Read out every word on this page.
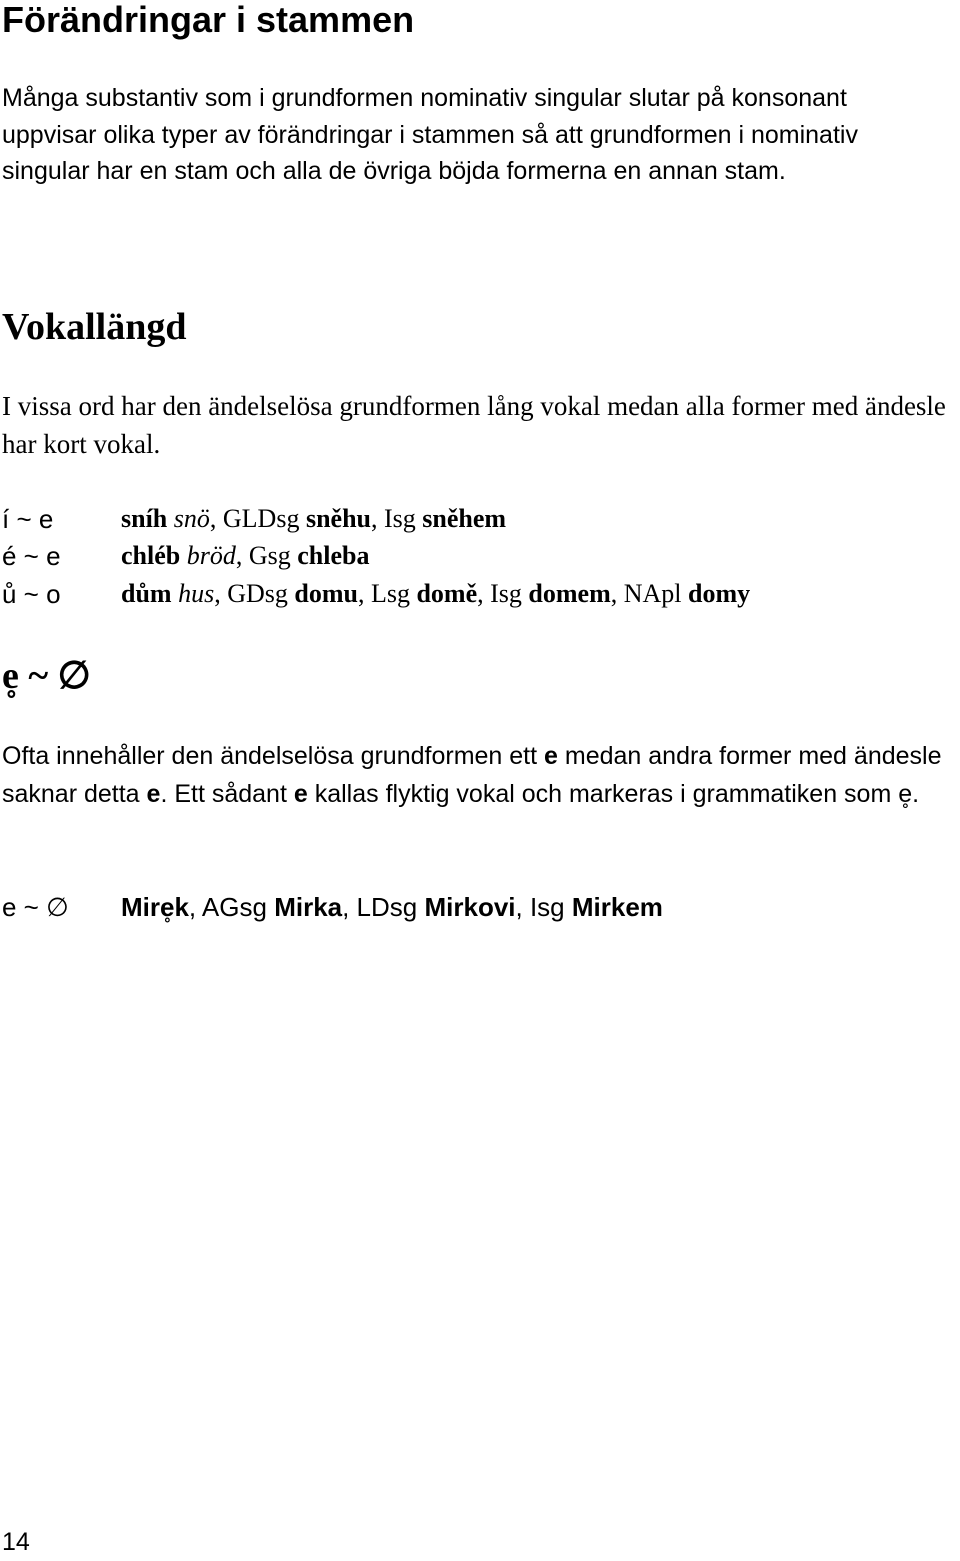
Förändringar i stammen

Många substantiv som i grundformen nominativ singular slutar på konsonant uppvisar olika typer av förändringar i stammen så att grundformen i nominativ singular har en stam och alla de övriga böjda formerna en annan stam.

Vokallängd

I vissa ord har den ändelselösa grundformen lång vokal medan alla former med ändesle har kort vokal.

í ~ e	sníh snö, GLDsg sněhu, Isg sněhem
é ~ e chléb bröd, Gsg chleba
ů ~ o dům hus, GDsg domu, Lsg domě, Isg domem, NApl domy
e̥ ~ ∅

Ofta innehåller den ändelselösa grundformen ett e medan andra former med ändesle saknar detta e. Ett sådant e kallas flyktig vokal och markeras i grammatiken som e̥.

e ~ ∅ Mire̥k, AGsg Mirka, LDsg Mirkovi, Isg Mirkem
14
